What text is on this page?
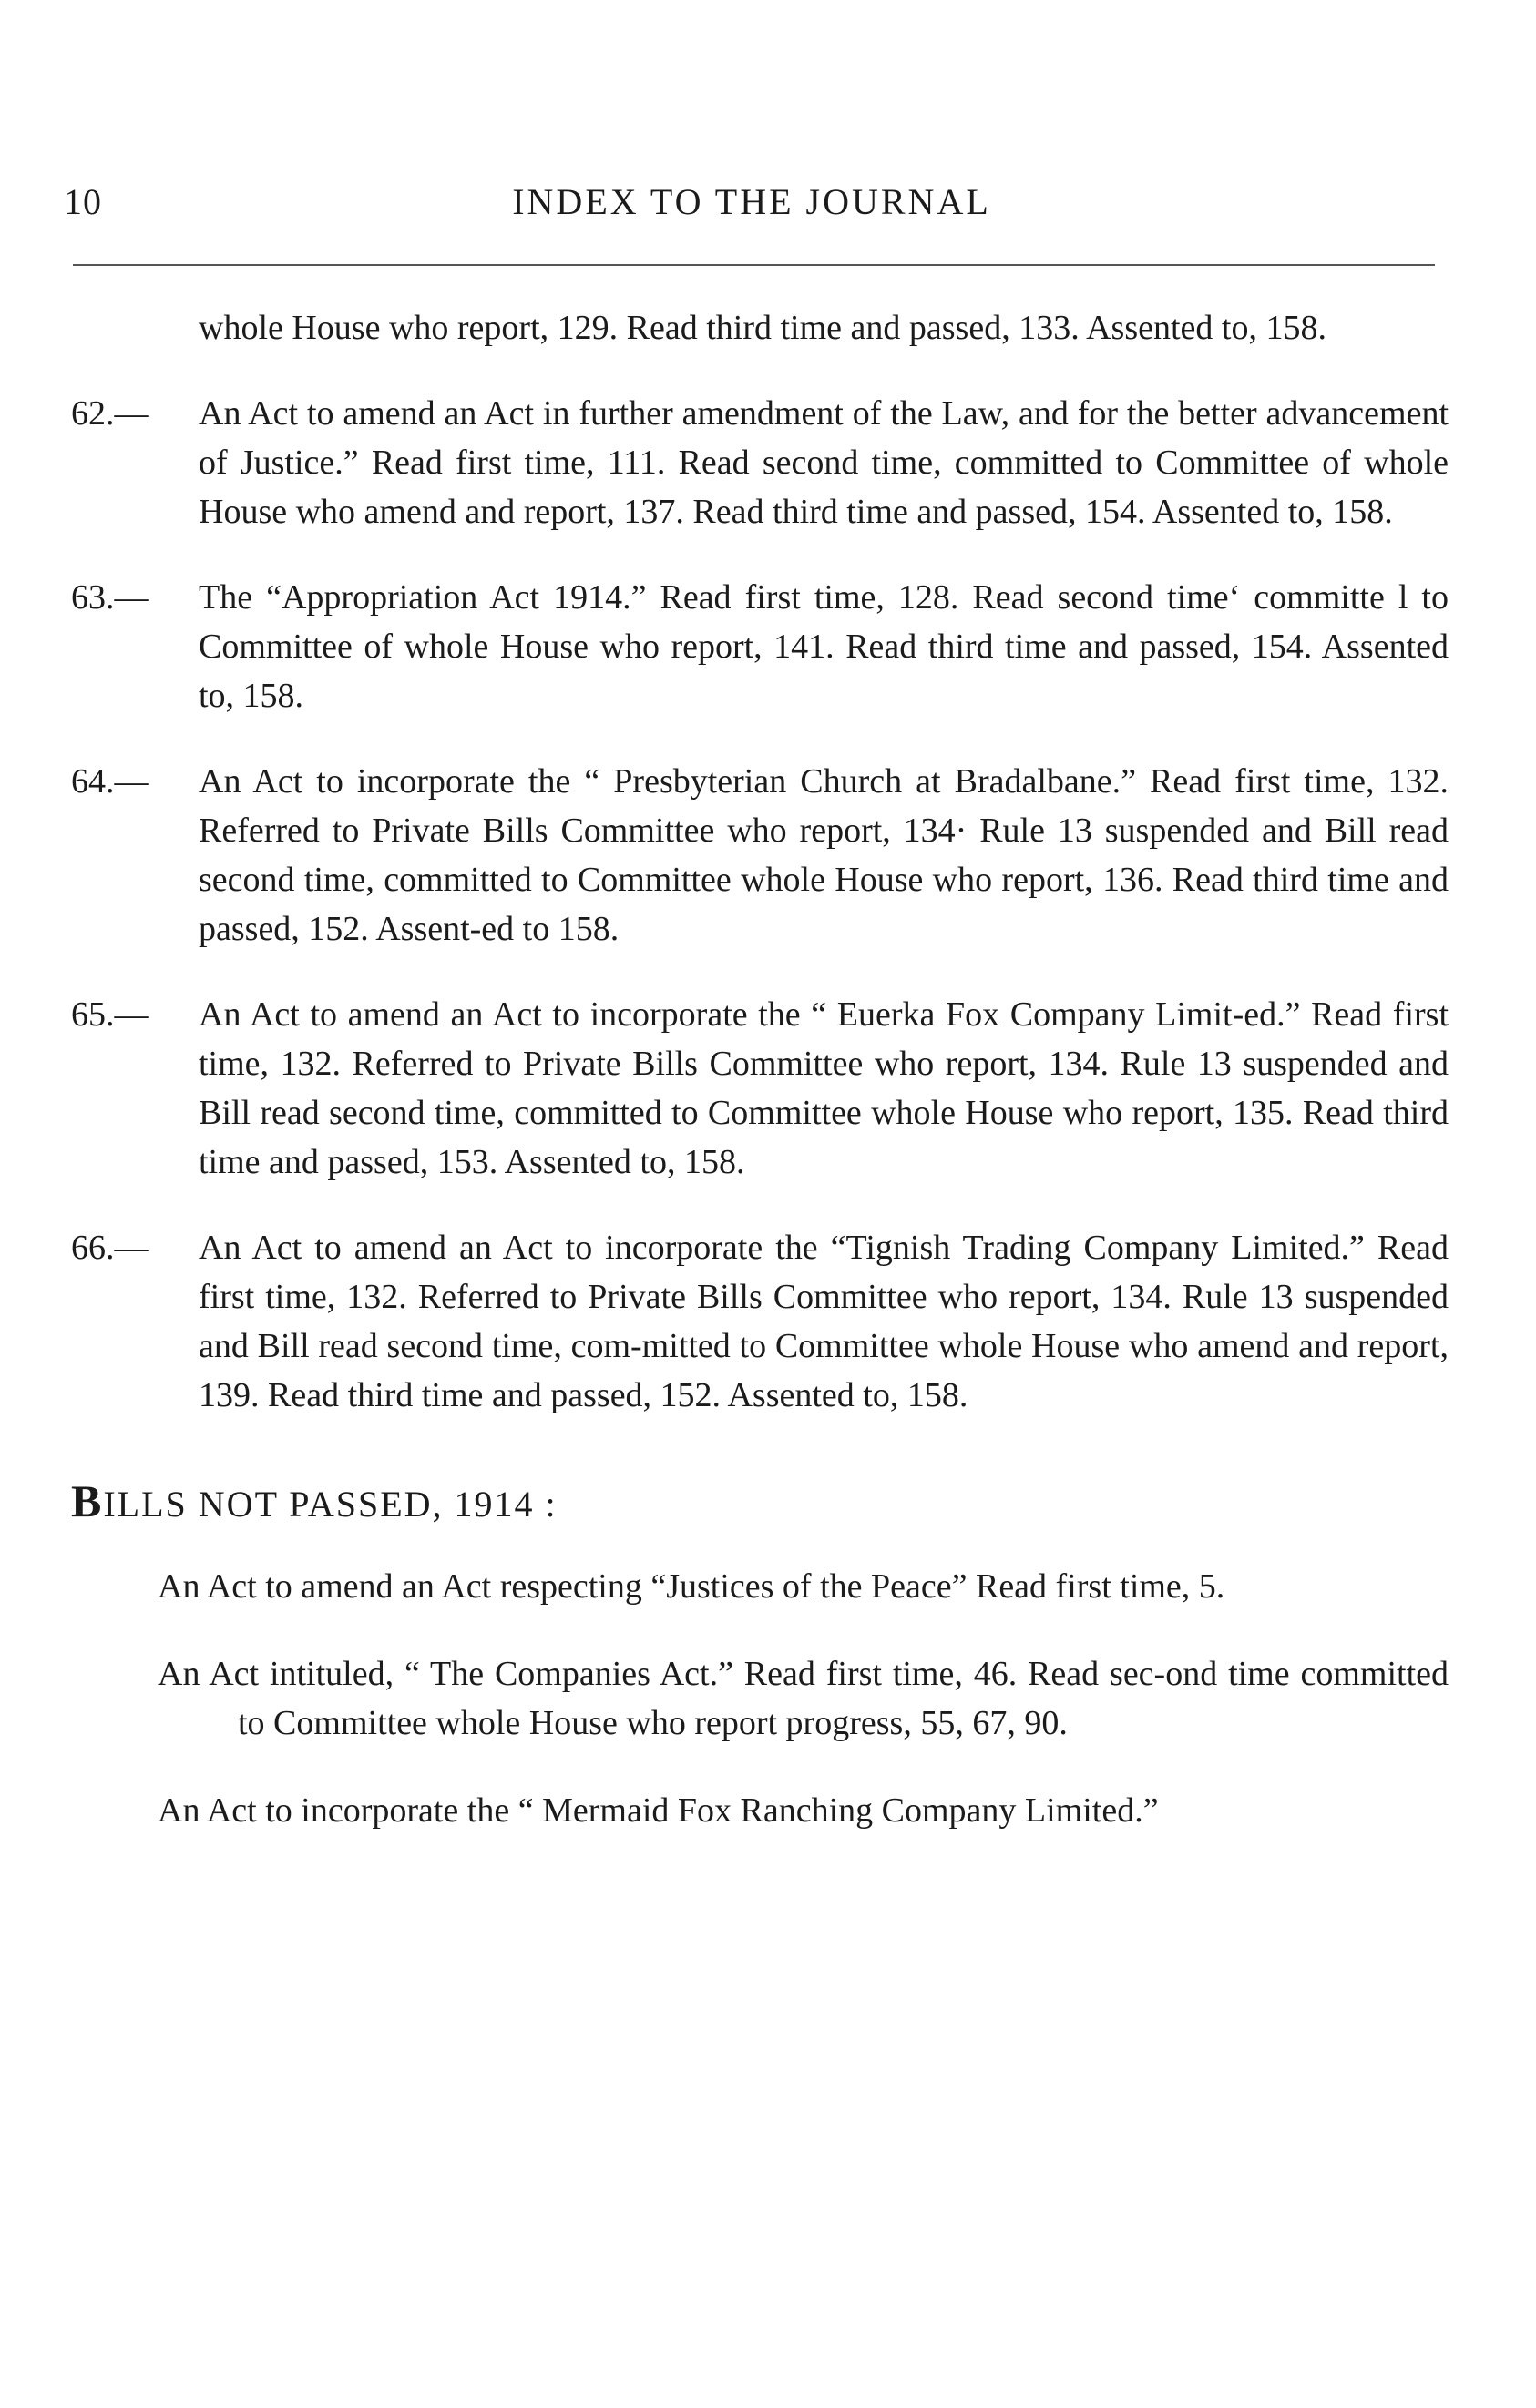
10	INDEX TO THE JOURNAL

whole House who report, 129. Read third time and passed, 133. Assented to, 158.

62.— An Act to amend an Act in further amendment of the Law, and for the better advancement of Justice.” Read first time, 111. Read second time, committed to Committee of whole House who amend and report, 137. Read third time and passed, 154. Assented to, 158.

63.— The “Appropriation Act 1914.” Read first time, 128. Read second time‘ committe l to Committee of whole House who report, 141. Read third time and passed, 154. Assented to, 158.

64.— An Act to incorporate the “ Presbyterian Church at Bradalbane.” Read first time, 132. Referred to Private Bills Committee who report, 134· Rule 13 suspended and Bill read second time, committed to Committee whole House who report, 136. Read third time and passed, 152. Assent-ed to 158.

65.— An Act to amend an Act to incorporate the “ Euerka Fox Company Limit-ed.” Read first time, 132. Referred to Private Bills Committee who report, 134. Rule 13 suspended and Bill read second time, committed to Committee whole House who report, 135. Read third time and passed, 153. Assented to, 158.

66.— An Act to amend an Act to incorporate the “Tignish Trading Company Limited.” Read first time, 132. Referred to Private Bills Committee who report, 134. Rule 13 suspended and Bill read second time, com-mitted to Committee whole House who amend and report, 139. Read third time and passed, 152. Assented to, 158.

BILLS NOT PASSED, 1914 :

An Act to amend an Act respecting “Justices of the Peace” Read first time, 5.

An Act intituled, “ The Companies Act.” Read first time, 46. Read sec-ond time committed to Committee whole House who report progress, 55, 67, 90.

An Act to incorporate the “ Mermaid Fox Ranching Company Limited.”
